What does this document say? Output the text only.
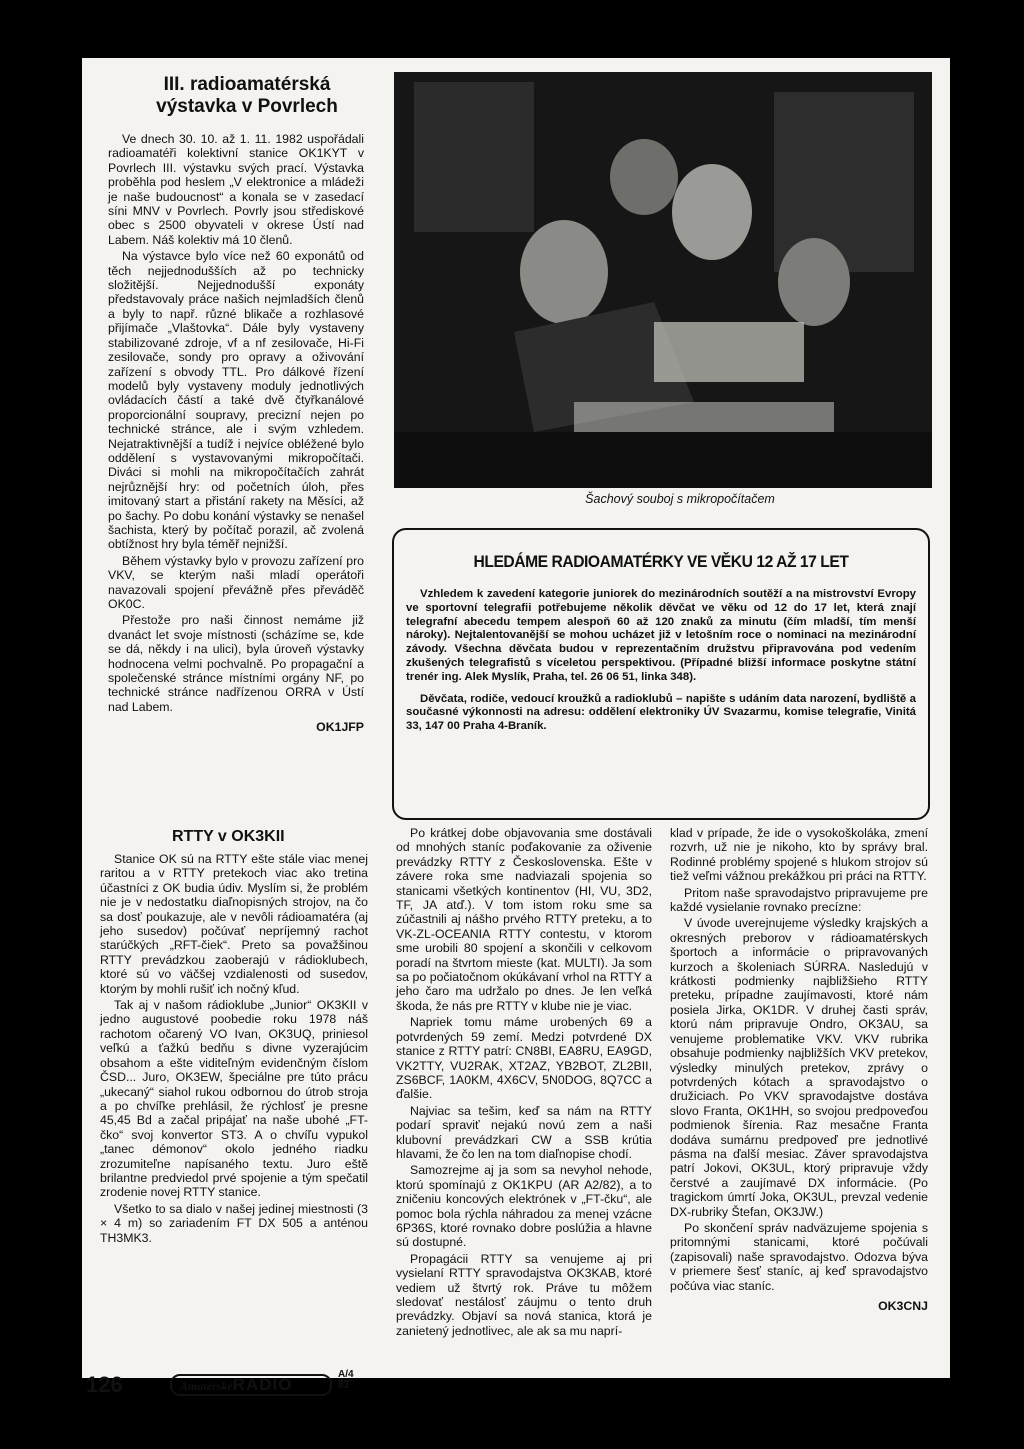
III. radioamatérská
výstavka v Povrlech

Ve dnech 30. 10. až 1. 11. 1982 uspořádali radioamatéři kolektivní stanice OK1KYT v Povrlech III. výstavku svých prací. Výstavka proběhla pod heslem „V elektronice a mládeži je naše budoucnost“ a konala se v zasedací síni MNV v Povrlech. Povrly jsou střediskové obec s 2500 obyvateli v okrese Ústí nad Labem. Náš kolektiv má 10 členů.

Na výstavce bylo více než 60 exponátů od těch nejjednodušších až po technicky složitější. Nejjednodušší exponáty představovaly práce našich nejmladších členů a byly to např. různé blikače a rozhlasové přijímače „Vlaštovka“. Dále byly vystaveny stabilizované zdroje, vf a nf zesilovače, Hi-Fi zesilovače, sondy pro opravy a oživování zařízení s obvody TTL. Pro dálkové řízení modelů byly vystaveny moduly jednotlivých ovládacích částí a také dvě čtyřkanálové proporcionální soupravy, precizní nejen po technické stránce, ale i svým vzhledem. Nejatraktivnější a tudíž i nejvíce obléžené bylo oddělení s vystavovanými mikropočítači. Diváci si mohli na mikropočítačích zahrát nejrůznější hry: od početních úloh, přes imitovaný start a přistání rakety na Měsíci, až po šachy. Po dobu konání výstavky se nenašel šachista, který by počítač porazil, ač zvolená obtížnost hry byla téměř nejnižší.

Během výstavky bylo v provozu zařízení pro VKV, se kterým naši mladí operátoři navazovali spojení převážně přes převáděč OK0C.

Přestože pro naši činnost nemáme již dvanáct let svoje místnosti (scházíme se, kde se dá, někdy i na ulici), byla úroveň výstavky hodnocena velmi pochvalně. Po propagační a společenské stránce místními orgány NF, po technické stránce nadřízenou ORRA v Ústí nad Labem.

OK1JFP
Šachový souboj s mikropočítačem
HLEDÁME RADIOAMATÉRKY VE VĚKU 12 AŽ 17 LET

Vzhledem k zavedení kategorie juniorek do mezinárodních soutěží a na mistrovství Evropy ve sportovní telegrafii potřebujeme několik děvčat ve věku od 12 do 17 let, která znají telegrafní abecedu tempem alespoň 60 až 120 znaků za minutu (čím mladší, tím menší nároky). Nejtalentovanější se mohou ucházet již v letošním roce o nominaci na mezinárodní závody. Všechna děvčata budou v reprezentačním družstvu připravována pod vedením zkušených telegrafistů s víceletou perspektivou. (Případné bližší informace poskytne státní trenér ing. Alek Myslík, Praha, tel. 26 06 51, linka 348).

Děvčata, rodiče, vedoucí kroužků a radioklubů – napište s udáním data narození, bydliště a současné výkonnosti na adresu: oddělení elektroniky ÚV Svazarmu, komise telegrafie, Vinitá 33, 147 00 Praha 4-Braník.

RTTY v OK3KII

Stanice OK sú na RTTY ešte stále viac menej raritou a v RTTY pretekoch viac ako tretina účastníci z OK budia údiv. Myslím si, že problém nie je v nedostatku diaľnopisných strojov, na čo sa dosť poukazuje, ale v nevôli rádioamatéra (aj jeho susedov) počúvať nepríjemný rachot starúčkých „RFT-čiek“. Preto sa považšinou RTTY prevádzkou zaoberajú v rádioklubech, ktoré sú vo väčšej vzdialenosti od susedov, ktorým by mohli rušiť ich nočný kľud.

Tak aj v našom rádioklube „Junior“ OK3KII v jedno augustové poobedie roku 1978 náš rachotom očarený VO Ivan, OK3UQ, priniesol veľkú a ťažkú bedňu s divne vyzerajúcim obsahom a ešte viditeľným evidenčným číslom ČSD... Juro, OK3EW, špeciálne pre túto prácu „ukecaný“ siahol rukou odbornou do útrob stroja a po chvíľke prehlásil, že rýchlosť je presne 45,45 Bd a začal pripájať na naše ubohé „FT-čko“ svoj konvertor ST3. A o chvíľu vypukol „tanec démonov“ okolo jedného riadku zrozumiteľne napísaného textu. Juro eště brilantne predviedol prvé spojenie a tým spečatil zrodenie novej RTTY stanice.

Všetko to sa dialo v našej jedinej miestnosti (3 × 4 m) so zariadením FT DX 505 a anténou TH3MK3.

Po krátkej dobe objavovania sme dostávali od mnohých staníc poďakovanie za oživenie prevádzky RTTY z Československa. Ešte v závere roka sme nadviazali spojenia so stanicami všetkých kontinentov (HI, VU, 3D2, TF, JA atď.). V tom istom roku sme sa zúčastnili aj nášho prvého RTTY preteku, a to VK-ZL-OCEANIA RTTY contestu, v ktorom sme urobili 80 spojení a skončili v celkovom poradí na štvrtom mieste (kat. MULTI). Ja som sa po počiatočnom okúkávaní vrhol na RTTY a jeho čaro ma udržalo po dnes. Je len veľká škoda, že nás pre RTTY v klube nie je viac.

Napriek tomu máme urobených 69 a potvrdených 59 zemí. Medzi potvrdené DX stanice z RTTY patrí: CN8BI, EA8RU, EA9GD, VK2TTY, VU2RAK, XT2AZ, YB2BOT, ZL2BII, ZS6BCF, 1A0KM, 4X6CV, 5N0DOG, 8Q7CC a ďalšie.

Najviac sa tešim, keď sa nám na RTTY podarí spraviť nejakú novú zem a naši klubovní prevádzkari CW a SSB krútia hlavami, že čo len na tom diaľnopise chodí.

Samozrejme aj ja som sa nevyhol nehode, ktorú spomínajú z OK1KPU (AR A2/82), a to zničeniu koncových elektrónek v „FT-čku“, ale pomoc bola rýchla náhradou za menej vzácne 6P36S, ktoré rovnako dobre poslúžia a hlavne sú dostupné.

Propagácii RTTY sa venujeme aj pri vysielaní RTTY spravodajstva OK3KAB, ktoré vediem už štvrtý rok. Práve tu môžem sledovať nestálosť záujmu o tento druh prevádzky. Objaví sa nová stanica, ktorá je zanietený jednotlivec, ale ak sa mu naprí-

klad v prípade, že ide o vysokoškoláka, zmení rozvrh, už nie je nikoho, kto by správy bral. Rodinné problémy spojené s hlukom strojov sú tiež veľmi vážnou prekážkou pri práci na RTTY.

Pritom naše spravodajstvo pripravujeme pre každé vysielanie rovnako precízne:

V úvode uverejnujeme výsledky krajských a okresných preborov v rádioamatérskych športoch a informácie o pripravovaných kurzoch a školeniach SÚRRA. Nasledujú v krátkosti podmienky najbližšieho RTTY preteku, prípadne zaujímavosti, ktoré nám posiela Jirka, OK1DR. V druhej časti správ, ktorú nám pripravuje Ondro, OK3AU, sa venujeme problematike VKV. VKV rubrika obsahuje podmienky najbližších VKV pretekov, výsledky minulých pretekov, zprávy o potvrdených kótach a spravodajstvo o družiciach. Po VKV spravodajstve dostáva slovo Franta, OK1HH, so svojou predpoveďou podmienok šírenia. Raz mesačne Franta dodáva sumárnu predpoveď pre jednotlivé pásma na ďalší mesiac. Záver spravodajstva patrí Jokovi, OK3UL, ktorý pripravuje vždy čerstvé a zaujímavé DX informácie. (Po tragickom úmrtí Joka, OK3UL, prevzal vedenie DX-rubriky Štefan, OK3JW.)

Po skončení správ nadväzujeme spojenia s pritomnými stanicami, ktoré počúvali (zapisovali) naše spravodajstvo. Odozva býva v priemere šesť staníc, aj keď spravodajstvo počúva viac staníc.

OK3CNJ
126	AmatérskéRADIO
A/4
83
